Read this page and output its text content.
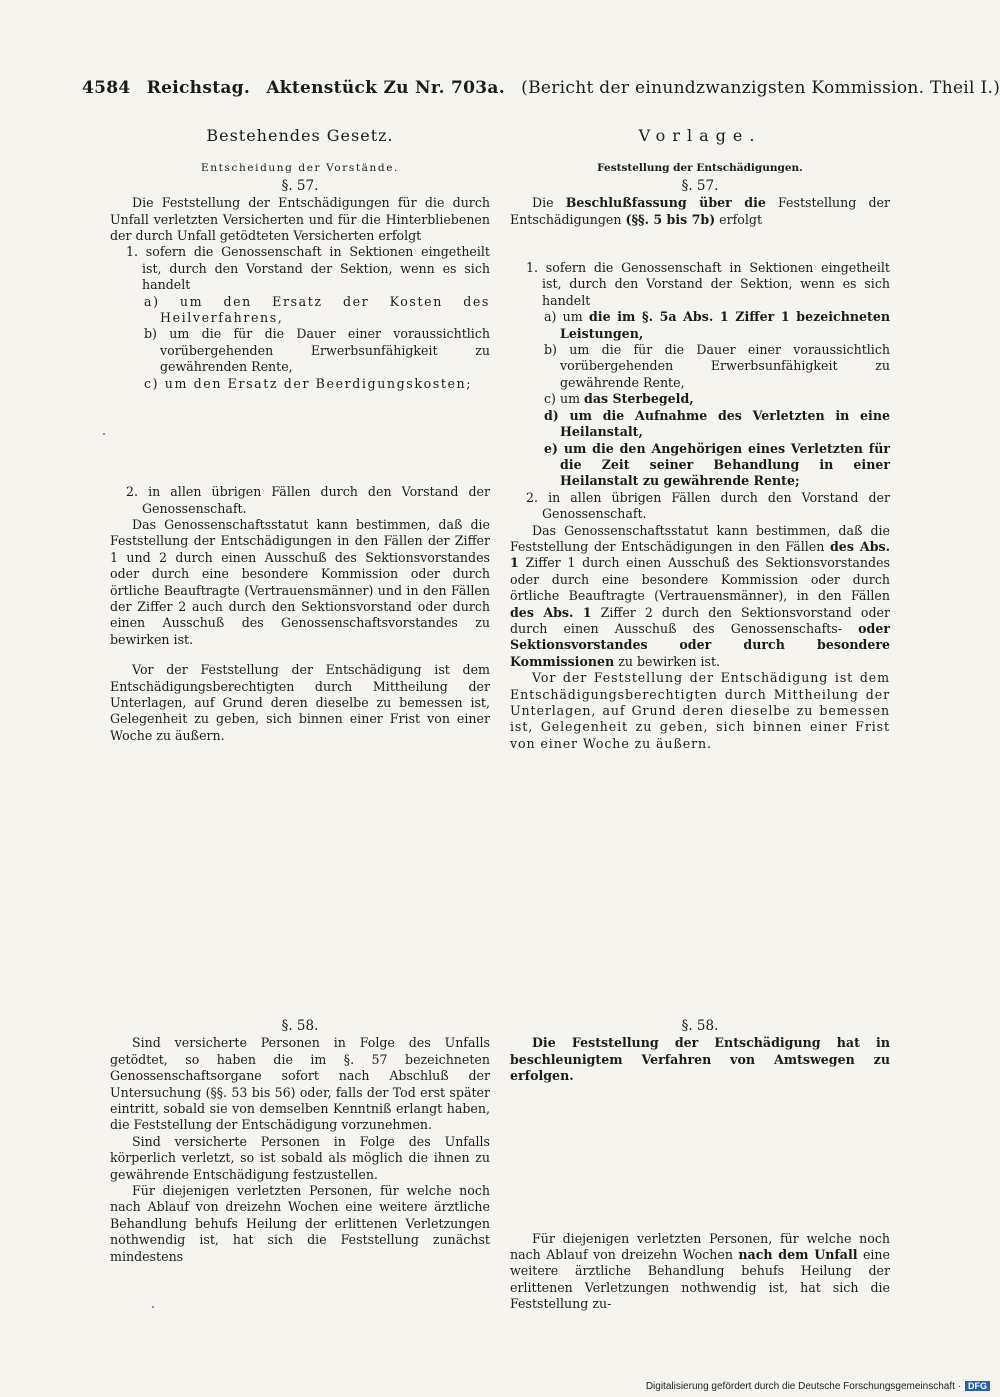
4584 Reichstag. Aktenstück Zu Nr. 703a. (Bericht der einundzwanzigsten Kommission. Theil I.)
Bestehendes Gesetz.
Entscheidung der Vorstände.
§. 57.

Die Feststellung der Entschädigungen für die durch Unfall verletzten Versicherten und für die Hinterbliebenen der durch Unfall getödteten Versicherten erfolgt

1. sofern die Genossenschaft in Sektionen eingetheilt ist, durch den Vorstand der Sektion, wenn es sich handelt

a) um den Ersatz der Kosten des Heilverfahrens,

b) um die für die Dauer einer voraussichtlich vorübergehenden Erwerbsunfähigkeit zu gewährenden Rente,

c) um den Ersatz der Beerdigungskosten;

2. in allen übrigen Fällen durch den Vorstand der Genossenschaft.

Das Genossenschaftsstatut kann bestimmen, daß die Feststellung der Entschädigungen in den Fällen der Ziffer 1 und 2 durch einen Ausschuß des Sektionsvorstandes oder durch eine besondere Kommission oder durch örtliche Beauftragte (Vertrauensmänner) und in den Fällen der Ziffer 2 auch durch den Sektionsvorstand oder durch einen Ausschuß des Genossenschaftsvorstandes zu bewirken ist.

Vor der Feststellung der Entschädigung ist dem Entschädigungsberechtigten durch Mittheilung der Unterlagen, auf Grund deren dieselbe zu bemessen ist, Gelegenheit zu geben, sich binnen einer Frist von einer Woche zu äußern.

Vorlage.
Feststellung der Entschädigungen.
§. 57.

Die Beschlußfassung über die Feststellung der Entschädigungen (§§. 5 bis 7b) erfolgt

1. sofern die Genossenschaft in Sektionen eingetheilt ist, durch den Vorstand der Sektion, wenn es sich handelt

a) um die im §. 5a Abs. 1 Ziffer 1 bezeichneten Leistungen,

b) um die für die Dauer einer voraussichtlich vorübergehenden Erwerbsunfähigkeit zu gewährende Rente,

c) um das Sterbegeld,

d) um die Aufnahme des Verletzten in eine Heilanstalt,

e) um die den Angehörigen eines Verletzten für die Zeit seiner Behandlung in einer Heilanstalt zu gewährende Rente;

2. in allen übrigen Fällen durch den Vorstand der Genossenschaft.

Das Genossenschaftsstatut kann bestimmen, daß die Feststellung der Entschädigungen in den Fällen des Abs. 1 Ziffer 1 durch einen Ausschuß des Sektionsvorstandes oder durch eine besondere Kommission oder durch örtliche Beauftragte (Vertrauensmänner), in den Fällen des Abs. 1 Ziffer 2 durch den Sektionsvorstand oder durch einen Ausschuß des Genossenschafts- oder Sektionsvorstandes	oder durch besondere Kommissionen zu bewirken ist.

Vor der Feststellung der Entschädigung ist dem Entschädigungsberechtigten durch Mittheilung der Unterlagen, auf Grund deren dieselbe zu bemessen ist, Gelegenheit zu geben, sich binnen einer Frist von einer Woche zu äußern.

§. 58.

Sind versicherte Personen in Folge des Unfalls getödtet, so haben die im §. 57 bezeichneten Genossenschaftsorgane sofort nach Abschluß der Untersuchung (§§. 53 bis 56) oder, falls der Tod erst später eintritt, sobald sie von demselben Kenntniß erlangt haben, die Feststellung der Entschädigung vorzunehmen.

Sind versicherte Personen in Folge des Unfalls körperlich verletzt, so ist sobald als möglich die ihnen zu gewährende Entschädigung festzustellen.

Für diejenigen verletzten Personen, für welche noch nach Ablauf von dreizehn Wochen eine weitere ärztliche Behandlung behufs Heilung der erlittenen Verletzungen nothwendig ist, hat sich die Feststellung zunächst mindestens

§. 58.

Die Feststellung der Entschädigung hat in beschleunigtem Verfahren von Amtswegen zu erfolgen.

Für diejenigen verletzten Personen, für welche noch nach Ablauf von dreizehn Wochen nach dem Unfall eine weitere ärztliche Behandlung behufs Heilung der erlittenen Verletzungen nothwendig ist, hat sich die Feststellung zu-

Digitalisierung gefördert durch die Deutsche Forschungsgemeinschaft · DFG
